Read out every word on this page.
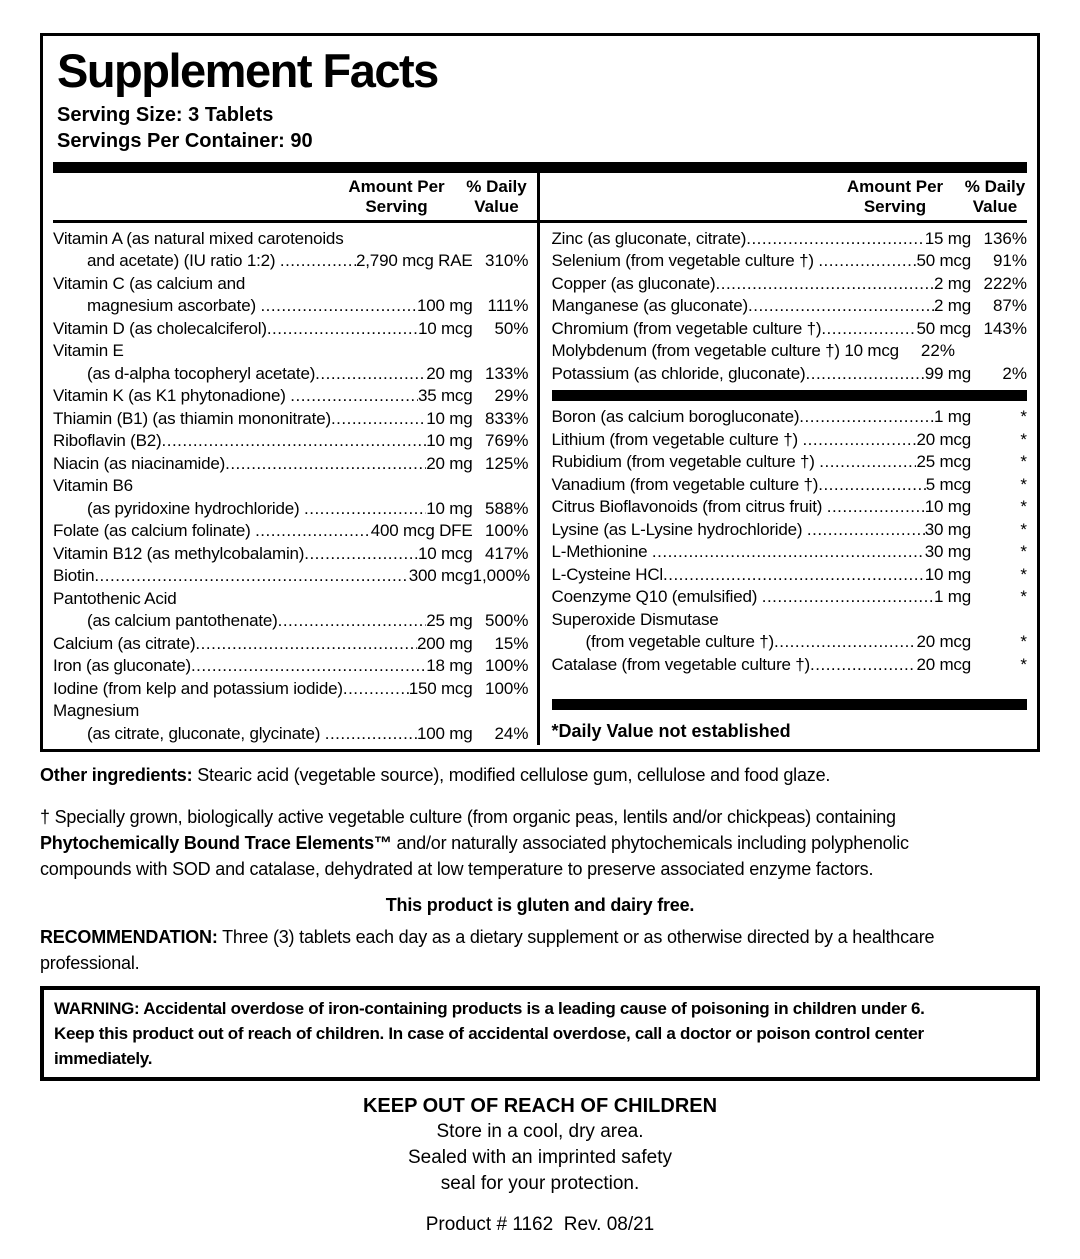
Supplement Facts
Serving Size: 3 Tablets
Servings Per Container: 90
Amount Per Serving
% Daily Value
Vitamin A (as natural mixed carotenoids
and acetate) (IU ratio 1:2) .....	2,790 mcg RAE 310%
Vitamin C (as calcium and
magnesium ascorbate) .....	100 mg 111%
Vitamin D (as cholecalciferol) .....	10 mcg	50%
Vitamin E
(as d-alpha tocopheryl acetate) .....	20 mg 133%
Vitamin K (as K1 phytonadione) .....	35 mcg	29%
Thiamin (B1) (as thiamin mononitrate) .....	10 mg 833%
Riboflavin (B2) .....	10 mg 769%
Niacin (as niacinamide) .....	20 mg 125%
Vitamin B6
(as pyridoxine hydrochloride) .....	10 mg 588%
Folate (as calcium folinate) .....	400 mcg DFE 100%
Vitamin B12 (as methylcobalamin) .....	10 mcg 417%
Biotin .....	300 mcg 1,000%
Pantothenic Acid
(as calcium pantothenate) .....	25 mg 500%
Calcium (as citrate) .....	200 mg	15%
Iron (as gluconate) .....	18 mg 100%
Iodine (from kelp and potassium iodide) .....	150 mcg 100%
Magnesium
(as citrate, gluconate, glycinate) .....	100 mg	24%
Amount Per Serving
% Daily Value
Zinc (as gluconate, citrate) .....	15 mg 136%
Selenium (from vegetable culture †) .....	50 mcg	91%
Copper (as gluconate) .....	2 mg 222%
Manganese (as gluconate) .....	2 mg	87%
Chromium (from vegetable culture †) .....	50 mcg 143%
Molybdenum (from vegetable culture †) 10 mcg	22%
Potassium (as chloride, gluconate) .....	99 mg	2%
Boron (as calcium borogluconate) .....	1 mg	*
Lithium (from vegetable culture †) .....	20 mcg	*
Rubidium (from vegetable culture †) .....	25 mcg	*
Vanadium (from vegetable culture †) .....	5 mcg	*
Citrus Bioflavonoids (from citrus fruit) .....	10 mg	*
Lysine (as L-Lysine hydrochloride) .....	30 mg	*
L-Methionine .....	30 mg	*
L-Cysteine HCl .....	10 mg	*
Coenzyme Q10 (emulsified) .....	1 mg	*
Superoxide Dismutase
(from vegetable culture †) .....	20 mcg	*
Catalase (from vegetable culture †) .....	20 mcg	*
*Daily Value not established
Other ingredients: Stearic acid (vegetable source), modified cellulose gum, cellulose and food glaze.
† Specially grown, biologically active vegetable culture (from organic peas, lentils and/or chickpeas) containing
Phytochemically Bound Trace Elements™ and/or naturally associated phytochemicals including polyphenolic
compounds with SOD and catalase, dehydrated at low temperature to preserve associated enzyme factors.
This product is gluten and dairy free.
RECOMMENDATION: Three (3) tablets each day as a dietary supplement or as otherwise directed by a healthcare
professional.
WARNING: Accidental overdose of iron-containing products is a leading cause of poisoning in children under 6.
Keep this product out of reach of children. In case of accidental overdose, call a doctor or poison control center
immediately.
KEEP OUT OF REACH OF CHILDREN
Store in a cool, dry area.
Sealed with an imprinted safety
seal for your protection.
Product # 1162  Rev. 08/21
